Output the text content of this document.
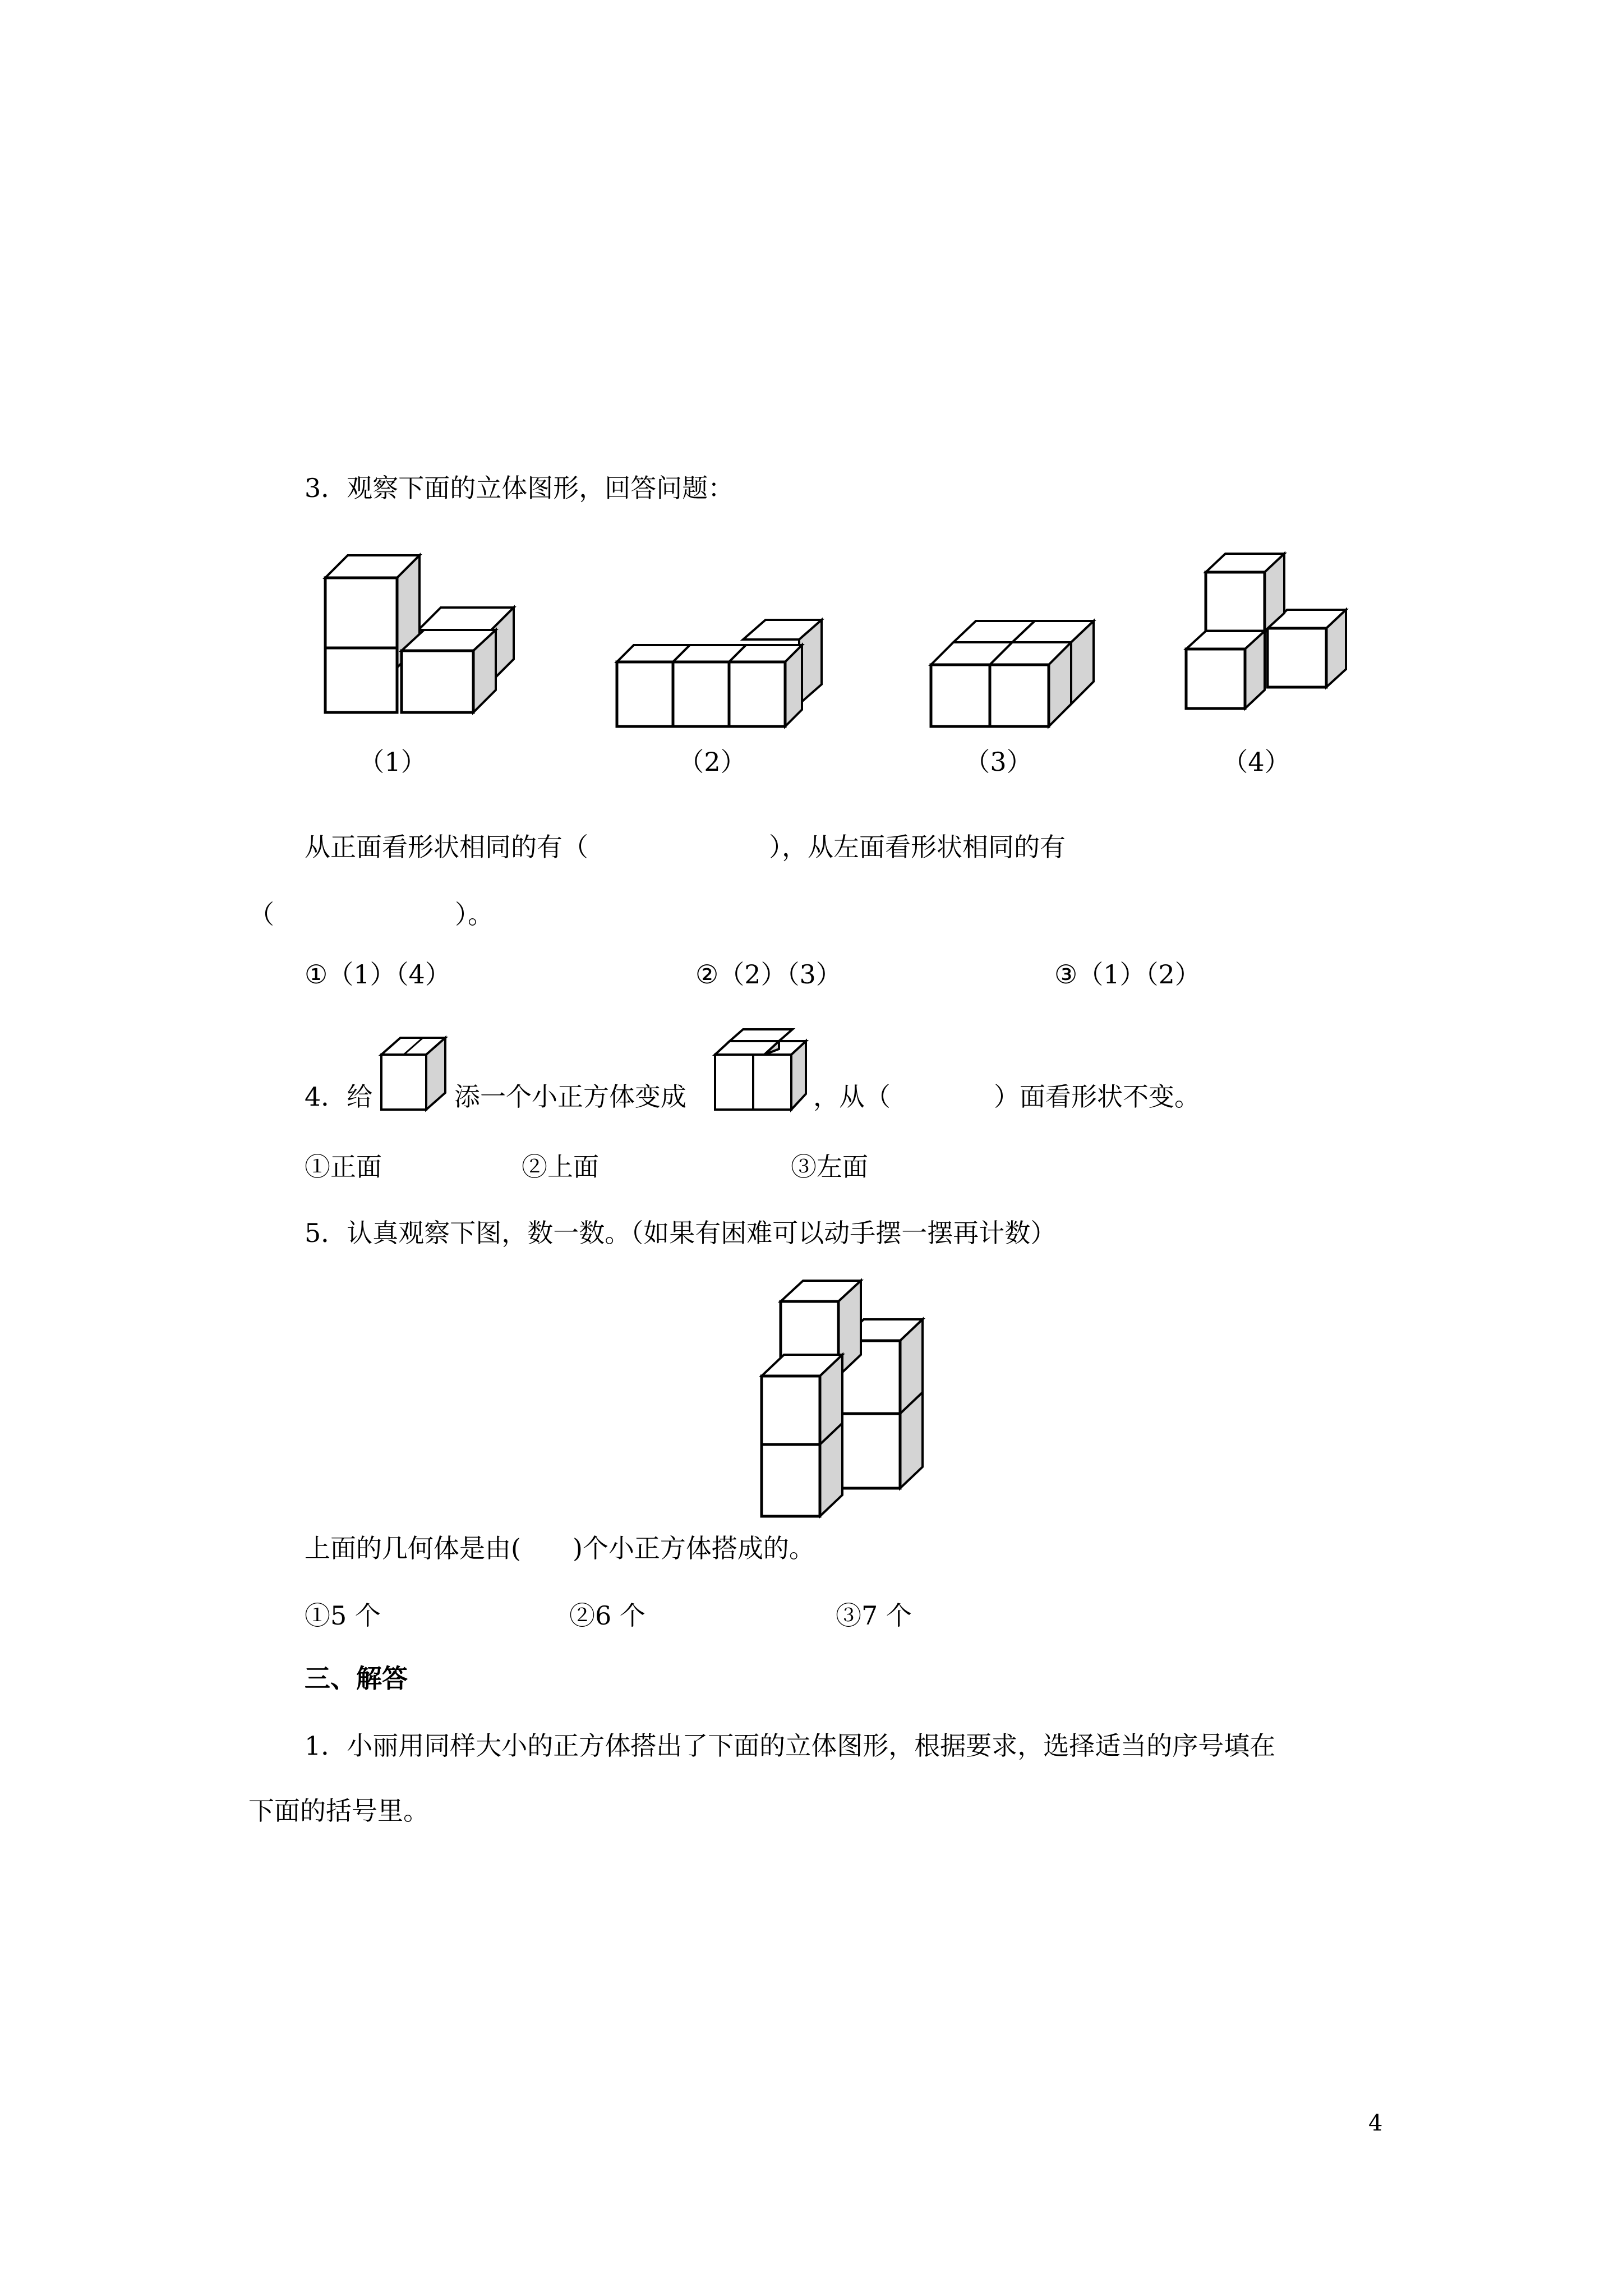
3．观察下面的立体图形，回答问题：
（1）	（2）	（3）	（4）
从正面看形状相同的有（　　　　　　　），从左面看形状相同的有
（　　　　　　　）。
①（1）（4）	②（2）（3）	③（1）（2）
4．给	添一个小正方体变成	，从（　　　　）面看形状不变。
①正面	②上面	③左面
5．认真观察下图，数一数。（如果有困难可以动手摆一摆再计数）
上面的几何体是由(　　)个小正方体搭成的。
①5 个	②6 个	③7 个
三、解答
1．小丽用同样大小的正方体搭出了下面的立体图形，根据要求，选择适当的序号填在
下面的括号里。
4
